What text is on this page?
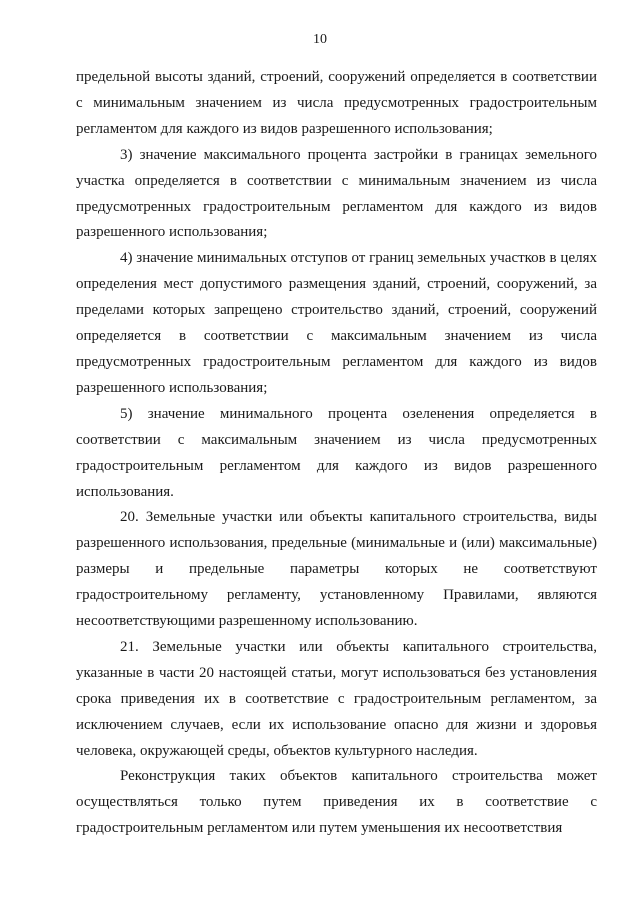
10

предельной высоты зданий, строений, сооружений определяется в соответствии с минимальным значением из числа предусмотренных градостроительным регламентом для каждого из видов разрешенного использования;

3) значение максимального процента застройки в границах земельного участка определяется в соответствии с минимальным значением из числа предусмотренных градостроительным регламентом для каждого из видов разрешенного использования;

4) значение минимальных отступов от границ земельных участков в целях определения мест допустимого размещения зданий, строений, сооружений, за пределами которых запрещено строительство зданий, строений, сооружений определяется в соответствии с максимальным значением из числа предусмотренных градостроительным регламентом для каждого из видов разрешенного использования;

5) значение минимального процента озеленения определяется в соответствии с максимальным значением из числа предусмотренных градостроительным регламентом для каждого из видов разрешенного использования.

20. Земельные участки или объекты капитального строительства, виды разрешенного использования, предельные (минимальные и (или) максимальные) размеры и предельные параметры которых не соответствуют градостроительному регламенту, установленному Правилами, являются несоответствующими разрешенному использованию.

21. Земельные участки или объекты капитального строительства, указанные в части 20 настоящей статьи, могут использоваться без установления срока приведения их в соответствие с градостроительным регламентом, за исключением случаев, если их использование опасно для жизни и здоровья человека, окружающей среды, объектов культурного наследия.

Реконструкция таких объектов капитального строительства может осуществляться только путем приведения их в соответствие с градостроительным регламентом или путем уменьшения их несоответствия
